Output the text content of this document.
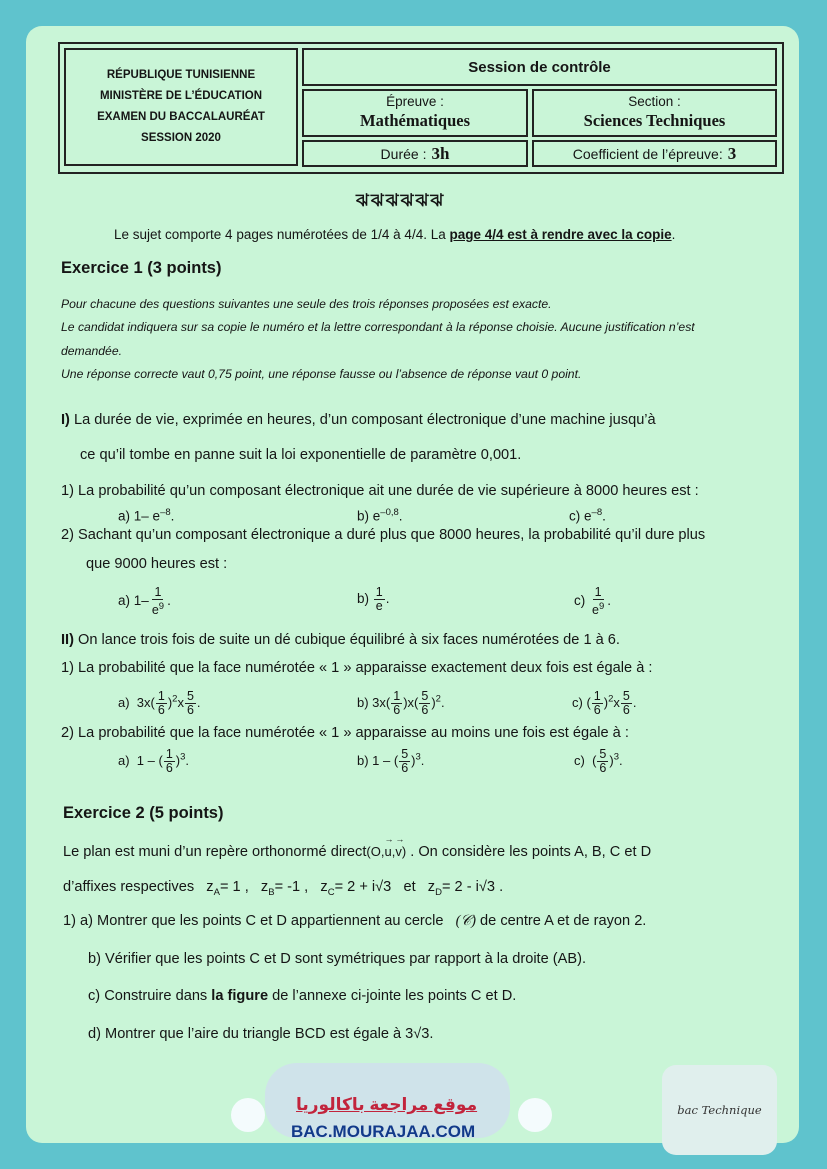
RÉPUBLIQUE TUNISIENNE
MINISTÈRE DE L’ÉDUCATION
EXAMEN DU BACCALAURÉAT
SESSION 2020
Session de contrôle
Épreuve :
Mathématiques
Section :
Sciences Techniques
Durée : 3h	Coefficient de l’épreuve: 3
ঝঝঝঝঝঝ
Le sujet comporte 4 pages numérotées de 1/4 à 4/4. La page 4/4 est à rendre avec la copie.
Exercice 1 (3 points)
Pour chacune des questions suivantes une seule des trois réponses proposées est exacte.
Le candidat indiquera sur sa copie le numéro et la lettre correspondant à la réponse choisie. Aucune justification n’est
demandée.
Une réponse correcte vaut 0,75 point, une réponse fausse ou l’absence de réponse vaut 0 point.
I) La durée de vie, exprimée en heures, d’un composant électronique d’une machine jusqu’à
ce qu’il tombe en panne suit la loi exponentielle de paramètre 0,001.
1) La probabilité qu’un composant électronique ait une durée de vie supérieure à 8000 heures est :
a) 1– $e^{-8}$.	b) $e^{-0,8}$.	c) $e^{-8}$.
2) Sachant qu’un composant électronique a duré plus que 8000 heures, la probabilité qu’il dure plus
que 9000 heures est :
a) $1- \frac{1}{e^9}$ .	$b) \frac{1}{e}$ .	$c) \frac{1}{e^9}$ .
II) On lance trois fois de suite un dé cubique équilibré à six faces numérotées de 1 à 6.
1) La probabilité que la face numérotée « 1 » apparaisse exactement deux fois est égale à :
a)  $3x( \frac{1}{6} )^2x \frac{5}{6}$ .	b) $3x( \frac{1}{6} )x( \frac{5}{6} )^2$.	c) ( $\frac{1}{6} )^2x \frac{5}{6}$ .
2) La probabilité que la face numérotée « 1 » apparaisse au moins une fois est égale à :
a)  1 – ( $\frac{1}{6} )^3$.	b) 1 – ( $\frac{5}{6} )^3$.	c)  ( $\frac{5}{6} )^3$.
Exercice 2 (5 points)
Le plan est muni d’un repère orthonormé direct(O,u
→
,v
→
) . On considère les points A, B, C et D
d’affixes respectives   $z_A= 1$ ,   $z_B= -1$ ,   $z_C= 2 + i√3$ et   $z_D= 2 - i√3$ .
1) a) Montrer que les points C et D appartiennent au cercle (𝒞) de centre A et de rayon 2.
b) Vérifier que les points C et D sont symétriques par rapport à la droite (AB).
c) Construire dans la figure de l’annexe ci-jointe les points C et D.
d) Montrer que l’aire du triangle BCD est égale à 3√3.
موقع مراجعة باكالوريا
BAC.MOURAJAA.COM
bac Technique
